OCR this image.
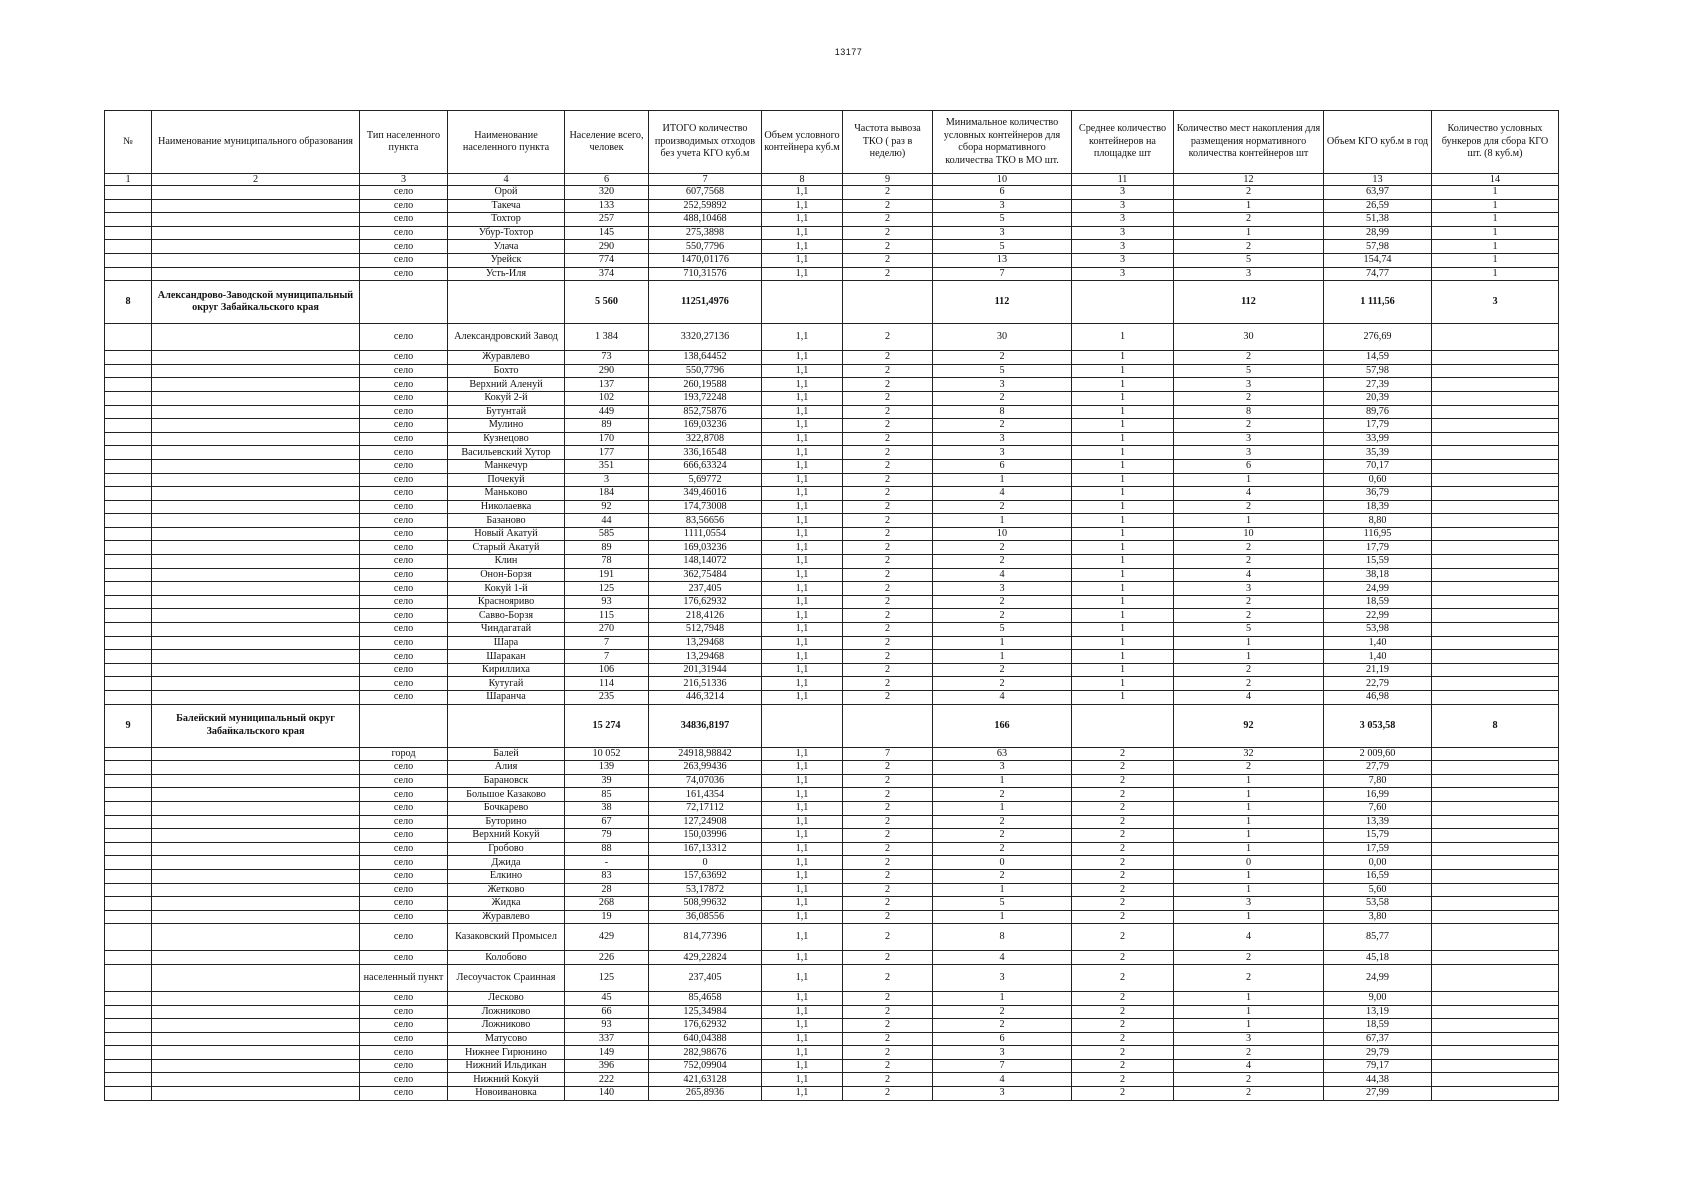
13177
№	Наименование муниципального образования	Тип населенного пункта	Наименование населенного пункта	Население всего, человек	ИТОГО количество производимых отходов без учета КГО куб.м	Объем условного контейнера куб.м	Частота вывоза ТКО ( раз в неделю)	Минимальное количество условных контейнеров для сбора нормативного количества ТКО в МО шт.	Среднее количество контейнеров на площадке шт	Количество мест накопления для размещения нормативного количества контейнеров шт	Объем КГО куб.м в год	Количество условных бункеров для сбора КГО шт. (8 куб.м)
1	2	3	4	6	7	8	9	10	11	12	13	14
		село	Орой	320	607,7568	1,1	2	6	3	2	63,97	1
		село	Такеча	133	252,59892	1,1	2	3	3	1	26,59	1
		село	Тохтор	257	488,10468	1,1	2	5	3	2	51,38	1
		село	Убур-Тохтор	145	275,3898	1,1	2	3	3	1	28,99	1
		село	Улача	290	550,7796	1,1	2	5	3	2	57,98	1
		село	Урейск	774	1470,01176	1,1	2	13	3	5	154,74	1
		село	Усть-Иля	374	710,31576	1,1	2	7	3	3	74,77	1
8	Александрово-Заводской муниципальный округ Забайкальского края			5 560	11251,4976			112		112	1 111,56	3
		село	Александровский Завод	1 384	3320,27136	1,1	2	30	1	30	276,69	
		село	Журавлево	73	138,64452	1,1	2	2	1	2	14,59	
		село	Бохто	290	550,7796	1,1	2	5	1	5	57,98	
		село	Верхний Аленуй	137	260,19588	1,1	2	3	1	3	27,39	
		село	Кокуй 2-й	102	193,72248	1,1	2	2	1	2	20,39	
		село	Бутунтай	449	852,75876	1,1	2	8	1	8	89,76	
		село	Мулино	89	169,03236	1,1	2	2	1	2	17,79	
		село	Кузнецово	170	322,8708	1,1	2	3	1	3	33,99	
		село	Васильевский Хутор	177	336,16548	1,1	2	3	1	3	35,39	
		село	Манкечур	351	666,63324	1,1	2	6	1	6	70,17	
		село	Почекуй	3	5,69772	1,1	2	1	1	1	0,60	
		село	Маньково	184	349,46016	1,1	2	4	1	4	36,79	
		село	Николаевка	92	174,73008	1,1	2	2	1	2	18,39	
		село	Базаново	44	83,56656	1,1	2	1	1	1	8,80	
		село	Новый Акатуй	585	1111,0554	1,1	2	10	1	10	116,95	
		село	Старый Акатуй	89	169,03236	1,1	2	2	1	2	17,79	
		село	Клин	78	148,14072	1,1	2	2	1	2	15,59	
		село	Онон-Борзя	191	362,75484	1,1	2	4	1	4	38,18	
		село	Кокуй 1-й	125	237,405	1,1	2	3	1	3	24,99	
		село	Краснояриво	93	176,62932	1,1	2	2	1	2	18,59	
		село	Савво-Борзя	115	218,4126	1,1	2	2	1	2	22,99	
		село	Чиндагатай	270	512,7948	1,1	2	5	1	5	53,98	
		село	Шара	7	13,29468	1,1	2	1	1	1	1,40	
		село	Шаракан	7	13,29468	1,1	2	1	1	1	1,40	
		село	Кириллиха	106	201,31944	1,1	2	2	1	2	21,19	
		село	Кутугай	114	216,51336	1,1	2	2	1	2	22,79	
		село	Шаранча	235	446,3214	1,1	2	4	1	4	46,98	
9	Балейский муниципальный округ Забайкальского края			15 274	34836,8197			166		92	3 053,58	8
		город	Балей	10 052	24918,98842	1,1	7	63	2	32	2 009,60	
		село	Алия	139	263,99436	1,1	2	3	2	2	27,79	
		село	Барановск	39	74,07036	1,1	2	1	2	1	7,80	
		село	Большое Казаково	85	161,4354	1,1	2	2	2	1	16,99	
		село	Бочкарево	38	72,17112	1,1	2	1	2	1	7,60	
		село	Буторино	67	127,24908	1,1	2	2	2	1	13,39	
		село	Верхний Кокуй	79	150,03996	1,1	2	2	2	1	15,79	
		село	Гробово	88	167,13312	1,1	2	2	2	1	17,59	
		село	Джида	-	0	1,1	2	0	2	0	0,00	
		село	Елкино	83	157,63692	1,1	2	2	2	1	16,59	
		село	Жетково	28	53,17872	1,1	2	1	2	1	5,60	
		село	Жидка	268	508,99632	1,1	2	5	2	3	53,58	
		село	Журавлево	19	36,08556	1,1	2	1	2	1	3,80	
		село	Казаковский Промысел	429	814,77396	1,1	2	8	2	4	85,77	
		село	Колобово	226	429,22824	1,1	2	4	2	2	45,18	
		населенный пункт	Лесоучасток Сраинная	125	237,405	1,1	2	3	2	2	24,99	
		село	Лесково	45	85,4658	1,1	2	1	2	1	9,00	
		село	Ложниково	66	125,34984	1,1	2	2	2	1	13,19	
		село	Ложниково	93	176,62932	1,1	2	2	2	1	18,59	
		село	Матусово	337	640,04388	1,1	2	6	2	3	67,37	
		село	Нижнее Гирюнино	149	282,98676	1,1	2	3	2	2	29,79	
		село	Нижний Ильдикан	396	752,09904	1,1	2	7	2	4	79,17	
		село	Нижний Кокуй	222	421,63128	1,1	2	4	2	2	44,38	
		село	Новоивановка	140	265,8936	1,1	2	3	2	2	27,99	
